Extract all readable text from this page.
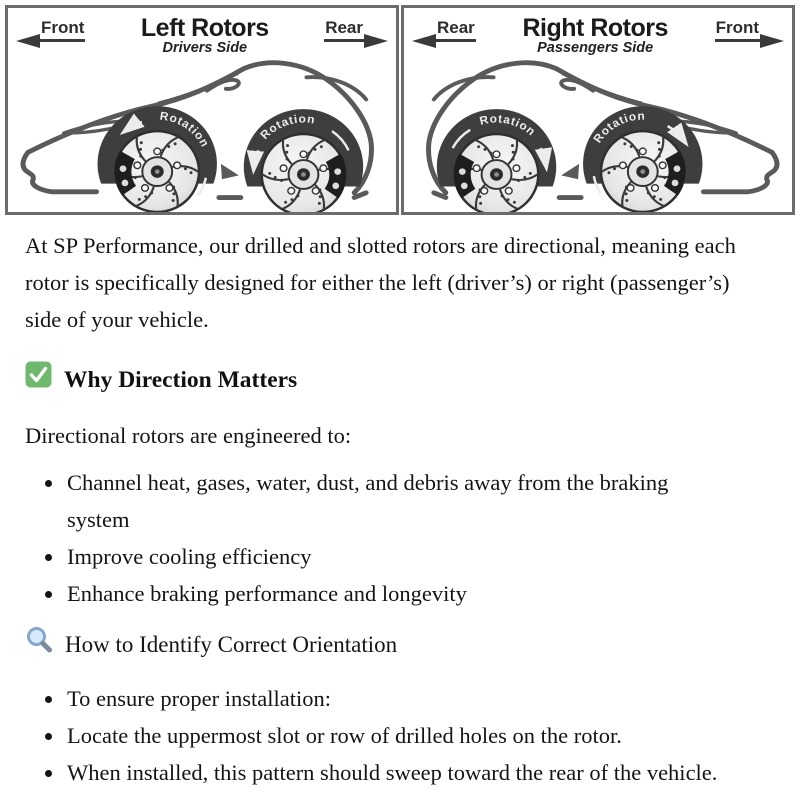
Front	Left Rotors
Drivers Side
Rear
Rotation
Rotation
Rear	Right Rotors
Passengers Side
Front
Rotation	Rotation

At SP Performance, our drilled and slotted rotors are directional, meaning each rotor is specifically designed for either the left (driver’s) or right (passenger’s) side of your vehicle.

Why Direction Matters

Directional rotors are engineered to:

• Channel heat, gases, water, dust, and debris away from the braking system
• Improve cooling efficiency
• Enhance braking performance and longevity
How to Identify Correct Orientation
• To ensure proper installation:
• Locate the uppermost slot or row of drilled holes on the rotor.
• When installed, this pattern should sweep toward the rear of the vehicle.
